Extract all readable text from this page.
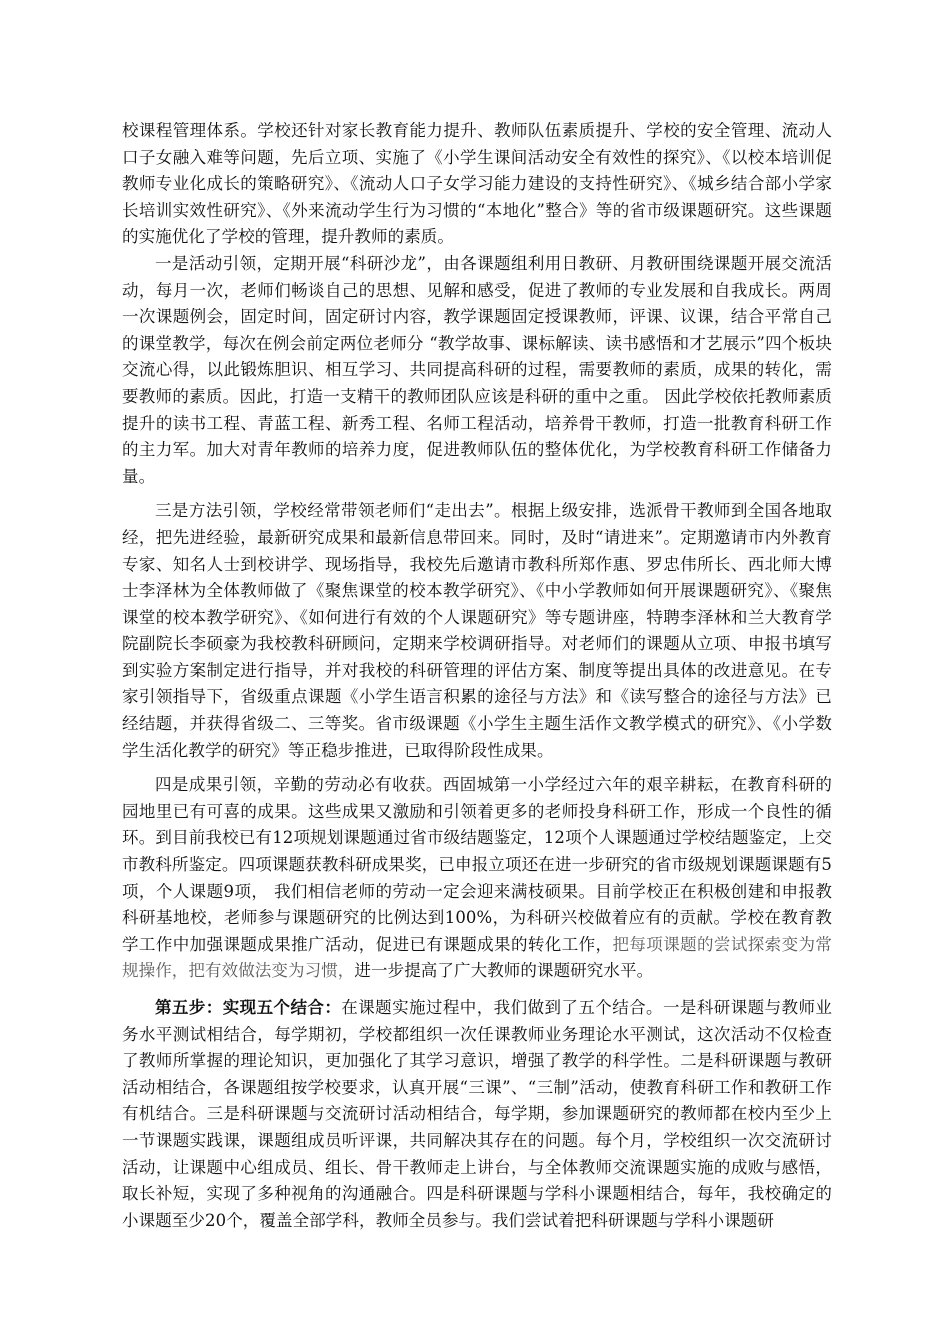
校课程管理体系。学校还针对家长教育能力提升、教师队伍素质提升、学校的安全管理、流动人口子女融入难等问题，先后立项、实施了《小学生课间活动安全有效性的探究》、《以校本培训促教师专业化成长的策略研究》、《流动人口子女学习能力建设的支持性研究》、《城乡结合部小学家长培训实效性研究》、《外来流动学生行为习惯的“本地化”整合》等的省市级课题研究。这些课题的实施优化了学校的管理，提升教师的素质。

一是活动引领，定期开展“科研沙龙”，由各课题组利用日教研、月教研围绕课题开展交流活动，每月一次，老师们畅谈自己的思想、见解和感受，促进了教师的专业发展和自我成长。两周一次课题例会，固定时间，固定研讨内容，教学课题固定授课教师，评课、议课，结合平常自己的课堂教学，每次在例会前定两位老师分 “教学故事、课标解读、读书感悟和才艺展示”四个板块交流心得，以此锻炼胆识、相互学习、共同提高科研的过程，需要教师的素质，成果的转化，需要教师的素质。因此，打造一支精干的教师团队应该是科研的重中之重。 因此学校依托教师素质提升的读书工程、青蓝工程、新秀工程、名师工程活动，培养骨干教师，打造一批教育科研工作的主力军。加大对青年教师的培养力度，促进教师队伍的整体优化，为学校教育科研工作储备力量。

三是方法引领，学校经常带领老师们“走出去”。根据上级安排，选派骨干教师到全国各地取经，把先进经验，最新研究成果和最新信息带回来。同时，及时“请进来”。定期邀请市内外教育专家、知名人士到校讲学、现场指导，我校先后邀请市教科所郑作惠、罗忠伟所长、西北师大博士李泽林为全体教师做了《聚焦课堂的校本教学研究》、《中小学教师如何开展课题研究》、《聚焦课堂的校本教学研究》、《如何进行有效的个人课题研究》等专题讲座，特聘李泽林和兰大教育学院副院长李硕豪为我校教科研顾问，定期来学校调研指导。对老师们的课题从立项、申报书填写到实验方案制定进行指导，并对我校的科研管理的评估方案、制度等提出具体的改进意见。在专家引领指导下，省级重点课题《小学生语言积累的途径与方法》和《读写整合的途径与方法》已经结题，并获得省级二、三等奖。省市级课题《小学生主题生活作文教学模式的研究》、《小学数学生活化教学的研究》等正稳步推进，已取得阶段性成果。

四是成果引领，辛勤的劳动必有收获。西固城第一小学经过六年的艰辛耕耘，在教育科研的园地里已有可喜的成果。这些成果又激励和引领着更多的老师投身科研工作，形成一个良性的循环。到目前我校已有12项规划课题通过省市级结题鉴定，12项个人课题通过学校结题鉴定，上交市教科所鉴定。四项课题获教科研成果奖，已申报立项还在进一步研究的省市级规划课题课题有5项，个人课题9项， 我们相信老师的劳动一定会迎来满枝硕果。目前学校正在积极创建和申报教科研基地校，老师参与课题研究的比例达到100%，为科研兴校做着应有的贡献。学校在教育教学工作中加强课题成果推广活动，促进已有课题成果的转化工作，把每项课题的尝试探索变为常规操作，把有效做法变为习惯，进一步提高了广大教师的课题研究水平。

第五步：实现五个结合：在课题实施过程中，我们做到了五个结合。一是科研课题与教师业务水平测试相结合，每学期初，学校都组织一次任课教师业务理论水平测试，这次活动不仅检查了教师所掌握的理论知识，更加强化了其学习意识，增强了教学的科学性。二是科研课题与教研活动相结合，各课题组按学校要求，认真开展“三课”、“三制”活动，使教育科研工作和教研工作有机结合。三是科研课题与交流研讨活动相结合，每学期，参加课题研究的教师都在校内至少上一节课题实践课，课题组成员听评课，共同解决其存在的问题。每个月，学校组织一次交流研讨活动，让课题中心组成员、组长、骨干教师走上讲台，与全体教师交流课题实施的成败与感悟，取长补短，实现了多种视角的沟通融合。四是科研课题与学科小课题相结合，每年，我校确定的小课题至少20个，覆盖全部学科，教师全员参与。我们尝试着把科研课题与学科小课题研
